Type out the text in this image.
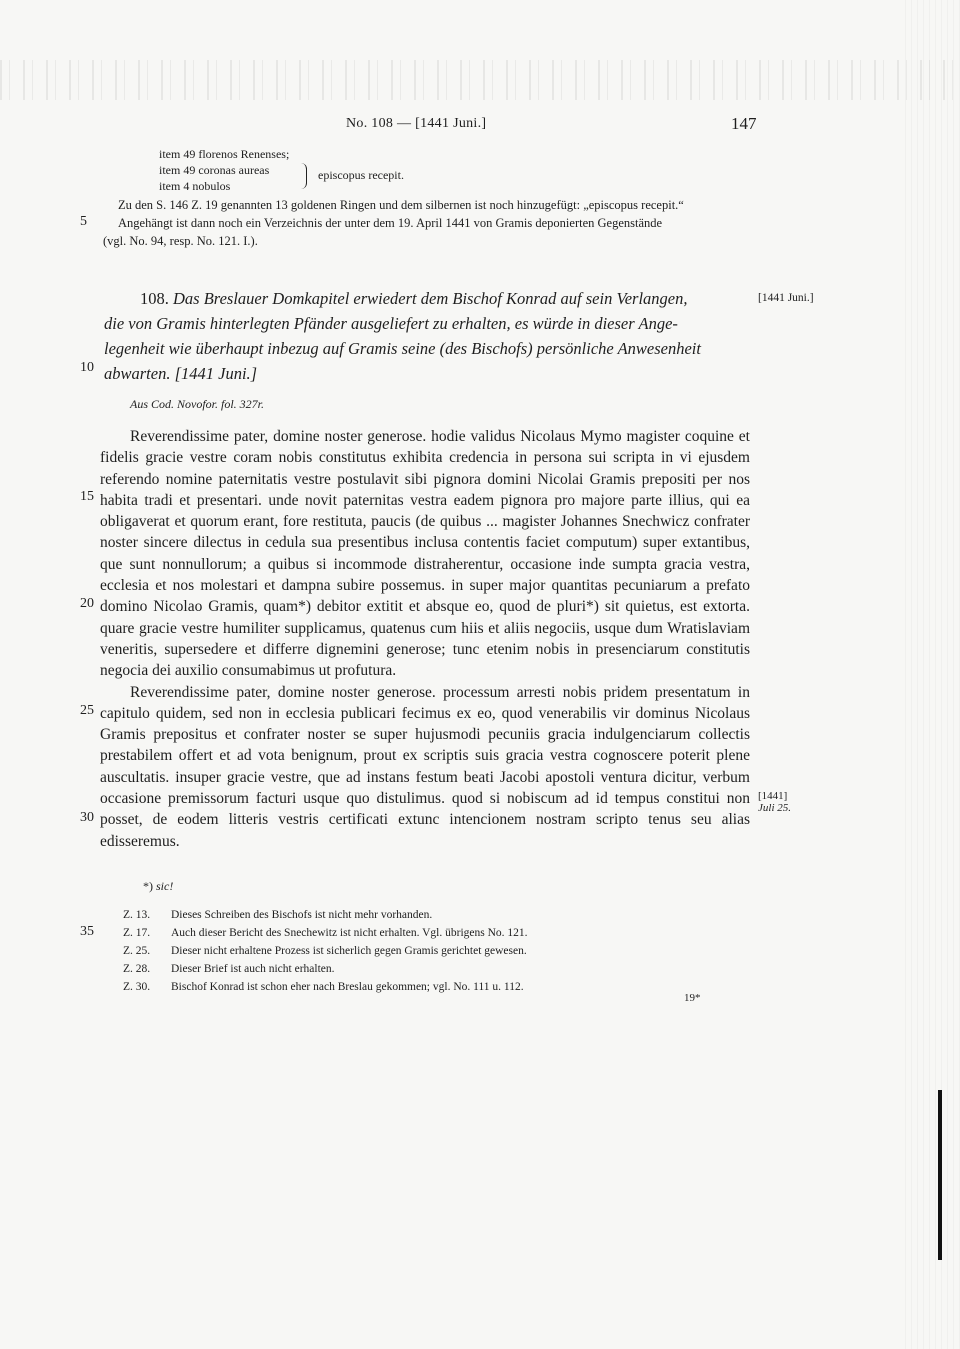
No. 108 — [1441 Juni.]	147
item 49 florenos Renenses;
item 49 coronas aureas
item 4 nobulos
episcopus recepit.
Zu den S. 146 Z. 19 genannten 13 goldenen Ringen und dem silbernen ist noch hinzugefügt: „episcopus recepit.“
Angehängt ist dann noch ein Verzeichnis der unter dem 19. April 1441 von Gramis deponierten Gegenstände
(vgl. No. 94, resp. No. 121. I.).
5
10
15
20
25
30
35
108. Das Breslauer Domkapitel erwiedert dem Bischof Konrad auf sein Verlangen,
die von Gramis hinterlegten Pfänder ausgeliefert zu erhalten, es würde in dieser Ange-
legenheit wie überhaupt inbezug auf Gramis seine (des Bischofs) persönliche Anwesenheit
abwarten. [1441 Juni.]
[1441 Juni.]
Aus Cod. Novofor. fol. 327r.

Reverendissime pater, domine noster generose. hodie validus Nicolaus Mymo magister coquine et fidelis gracie vestre coram nobis constitutus exhibita credencia in persona sui scripta in vi ejusdem referendo nomine paternitatis vestre postulavit sibi pignora domini Nicolai Gramis prepositi per nos habita tradi et presentari. unde novit paternitas vestra eadem pignora pro majore parte illius, qui ea obligaverat et quorum erant, fore restituta, paucis (de quibus ... magister Johannes Snechwicz confrater noster sincere dilectus in cedula sua presentibus inclusa contentis faciet computum) super extantibus, que sunt nonnullorum; a quibus si incommode distraherentur, occasione inde sumpta gracia vestra, ecclesia et nos molestari et dampna subire possemus. in super major quantitas pecuniarum a prefato domino Nicolao Gramis, quam*) debitor extitit et absque eo, quod de pluri*) sit quietus, est extorta. quare gracie vestre humiliter supplicamus, quatenus cum hiis et aliis negociis, usque dum Wratislaviam veneritis, supersedere et differre dignemini generose; tunc etenim nobis in presenciarum constitutis negocia dei auxilio consumabimus ut profutura.

Reverendissime pater, domine noster generose. processum arresti nobis pridem presentatum in capitulo quidem, sed non in ecclesia publicari fecimus ex eo, quod venerabilis vir dominus Nicolaus Gramis prepositus et confrater noster se super hujusmodi pecuniis gracia indulgenciarum collectis prestabilem offert et ad vota benignum, prout ex scriptis suis gracia vestra cognoscere poterit plene auscultatis. insuper gracie vestre, que ad instans festum beati Jacobi apostoli ventura dicitur, verbum occasione premissorum facturi usque quo distulimus. quod si nobiscum ad id tempus constitui non posset, de eodem litteris vestris certificati extunc intencionem nostram scripto tenus seu alias edisseremus.

[1441]
Juli 25.
*) sic!
Z. 13.	Dieses Schreiben des Bischofs ist nicht mehr vorhanden.
Z. 17.	Auch dieser Bericht des Snechewitz ist nicht erhalten. Vgl. übrigens No. 121.
Z. 25.	Dieser nicht erhaltene Prozess ist sicherlich gegen Gramis gerichtet gewesen.
Z. 28.	Dieser Brief ist auch nicht erhalten.
Z. 30.	Bischof Konrad ist schon eher nach Breslau gekommen; vgl. No. 111 u. 112.
19*
